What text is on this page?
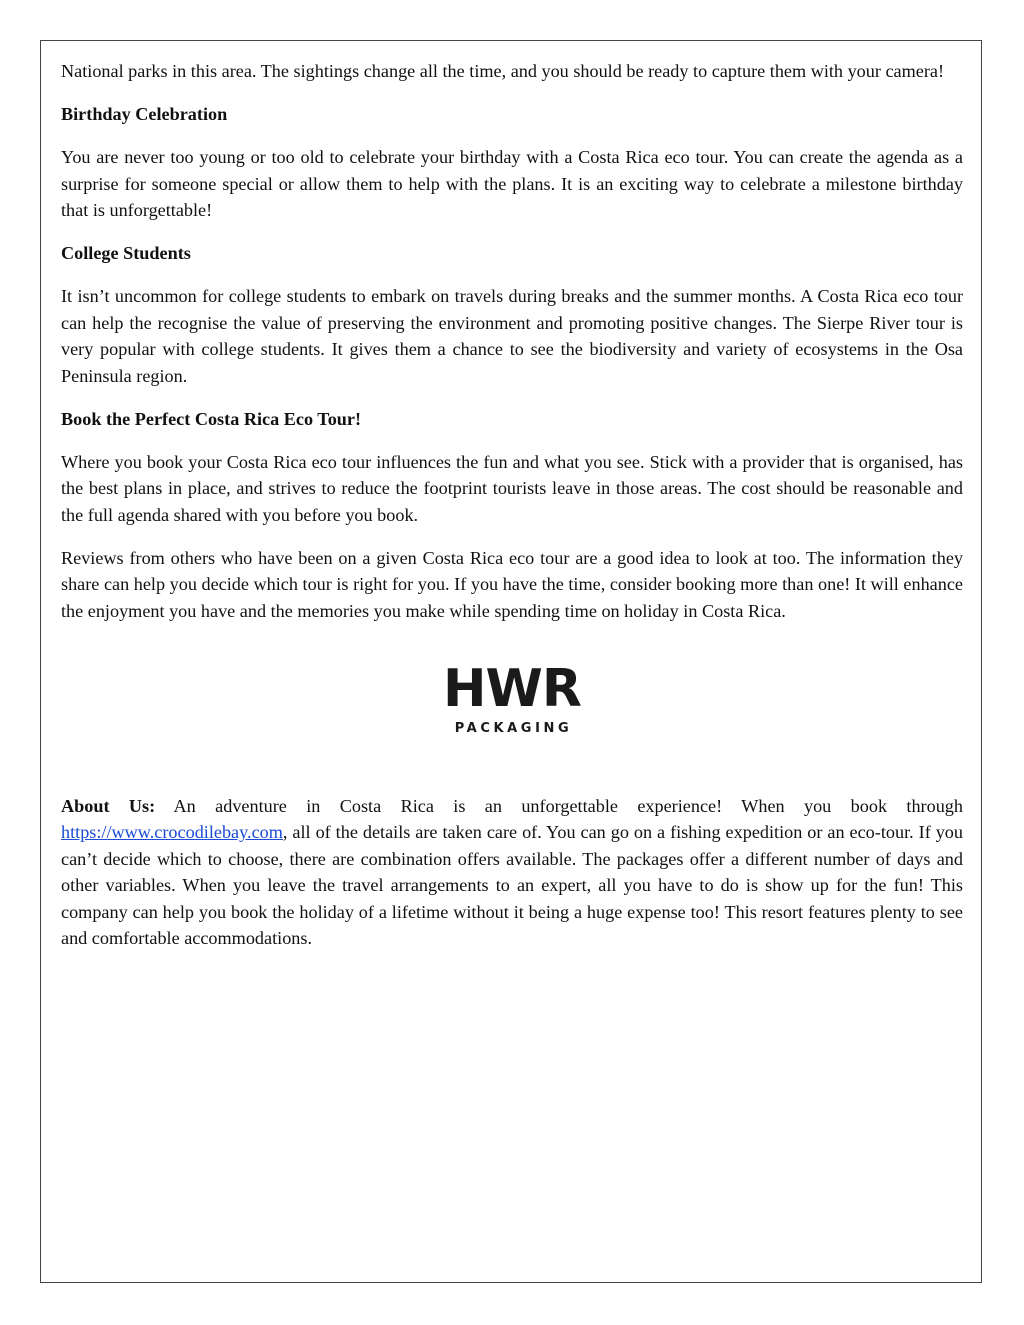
National parks in this area. The sightings change all the time, and you should be ready to capture them with your camera!

Birthday Celebration

You are never too young or too old to celebrate your birthday with a Costa Rica eco tour. You can create the agenda as a surprise for someone special or allow them to help with the plans. It is an exciting way to celebrate a milestone birthday that is unforgettable!

College Students

It isn’t uncommon for college students to embark on travels during breaks and the summer months. A Costa Rica eco tour can help the recognise the value of preserving the environment and promoting positive changes. The Sierpe River tour is very popular with college students. It gives them a chance to see the biodiversity and variety of ecosystems in the Osa Peninsula region.

Book the Perfect Costa Rica Eco Tour!

Where you book your Costa Rica eco tour influences the fun and what you see. Stick with a provider that is organised, has the best plans in place, and strives to reduce the footprint tourists leave in those areas. The cost should be reasonable and the full agenda shared with you before you book.

Reviews from others who have been on a given Costa Rica eco tour are a good idea to look at too. The information they share can help you decide which tour is right for you. If you have the time, consider booking more than one! It will enhance the enjoyment you have and the memories you make while spending time on holiday in Costa Rica.

HWR
PACKAGING

About Us: An adventure in Costa Rica is an unforgettable experience! When you book through https://www.crocodilebay.com, all of the details are taken care of. You can go on a fishing expedition or an eco-tour. If you can’t decide which to choose, there are combination offers available. The packages offer a different number of days and other variables. When you leave the travel arrangements to an expert, all you have to do is show up for the fun! This company can help you book the holiday of a lifetime without it being a huge expense too! This resort features plenty to see and comfortable accommodations.
